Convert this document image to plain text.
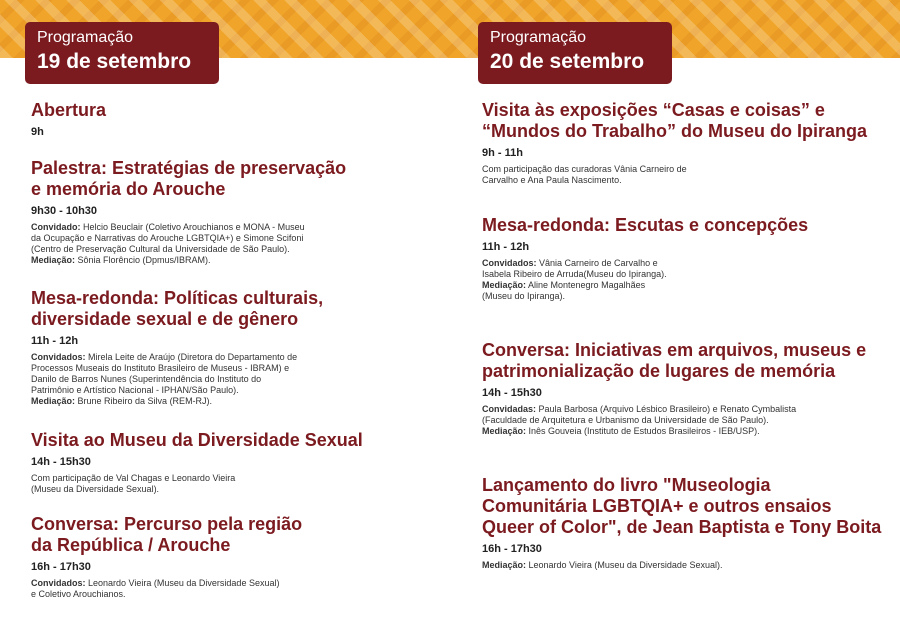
Programação
19 de setembro
Programação
20 de setembro
Abertura
9h
Palestra: Estratégias de preservação
e memória do Arouche
9h30 - 10h30
Convidado: Helcio Beuclair (Coletivo Arouchianos e MONA - Museu
da Ocupação e Narrativas do Arouche LGBTQIA+) e Simone Scifoni
(Centro de Preservação Cultural da Universidade de São Paulo).
Mediação: Sônia Florêncio (Dpmus/IBRAM).
Mesa-redonda: Políticas culturais,
diversidade sexual e de gênero
11h - 12h
Convidados: Mirela Leite de Araújo (Diretora do Departamento de
Processos Museais do Instituto Brasileiro de Museus - IBRAM) e
Danilo de Barros Nunes (Superintendência do Instituto do
Patrimônio e Artístico Nacional - IPHAN/São Paulo).
Mediação: Brune Ribeiro da Silva (REM-RJ).
Visita ao Museu da Diversidade Sexual
14h - 15h30
Com participação de Val Chagas e Leonardo Vieira
(Museu da Diversidade Sexual).
Conversa: Percurso pela região
da República / Arouche
16h - 17h30
Convidados: Leonardo Vieira (Museu da Diversidade Sexual)
e Coletivo Arouchianos.
Visita às exposições “Casas e coisas” e
“Mundos do Trabalho” do Museu do Ipiranga
9h - 11h
Com participação das curadoras Vânia Carneiro de
Carvalho e Ana Paula Nascimento.
Mesa-redonda: Escutas e concepções
11h - 12h
Convidados: Vânia Carneiro de Carvalho e
Isabela Ribeiro de Arruda(Museu do Ipiranga).
Mediação: Aline Montenegro Magalhães
(Museu do Ipiranga).
Conversa: Iniciativas em arquivos, museus e
patrimonialização de lugares de memória
14h - 15h30
Convidadas: Paula Barbosa (Arquivo Lésbico Brasileiro) e Renato Cymbalista
(Faculdade de Arquitetura e Urbanismo da Universidade de São Paulo).
Mediação: Inês Gouveia (Instituto de Estudos Brasileiros - IEB/USP).
Lançamento do livro "Museologia
Comunitária LGBTQIA+ e outros ensaios
Queer of Color", de Jean Baptista e Tony Boita
16h - 17h30
Mediação: Leonardo Vieira (Museu da Diversidade Sexual).
